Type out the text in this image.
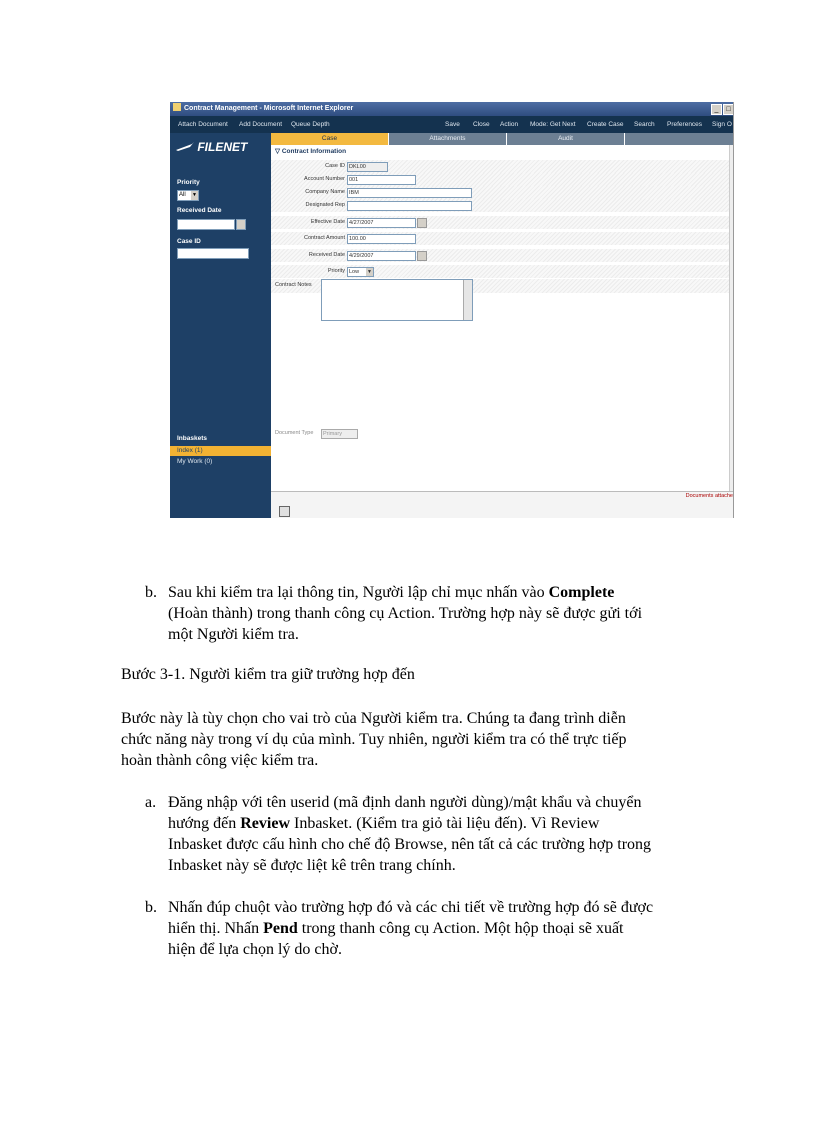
Contract Management - Microsoft Internet Explorer	_	□
Attach Document Add Document Queue Depth	Save Close Action Mode: Get Next Create Case Search Preferences Sign O
FILENET
Priority
All ▼
Received Date
Case ID
Inbaskets
Index (1)
My Work (0)
Case	Attachments	Audit
▽ Contract Information
Case ID DKL00
Account Number 001
Company Name IBM
Designated Rep
Effective Date 4/27/2007
Contract Amount 100.00
Received Date 4/29/2007
Priority Low ▼
Contract Notes
Document Type	Primary
Documents attache
b. Sau khi kiểm tra lại thông tin, Người lập chỉ mục nhấn vào Complete
(Hoàn thành) trong thanh công cụ Action. Trường hợp này sẽ được gửi tới
một Người kiểm tra.
Bước 3-1. Người kiểm tra giữ trường hợp đến
Bước này là tùy chọn cho vai trò của Người kiểm tra. Chúng ta đang trình diễn
chức năng này trong ví dụ của mình. Tuy nhiên, người kiểm tra có thể trực tiếp
hoàn thành công việc kiểm tra.
a. Đăng nhập với tên userid (mã định danh người dùng)/mật khẩu và chuyển
hướng đến Review Inbasket. (Kiểm tra giỏ tài liệu đến). Vì Review
Inbasket được cấu hình cho chế độ Browse, nên tất cả các trường hợp trong
Inbasket này sẽ được liệt kê trên trang chính.
b. Nhấn đúp chuột vào trường hợp đó và các chi tiết về trường hợp đó sẽ được
hiển thị. Nhấn Pend trong thanh công cụ Action. Một hộp thoại sẽ xuất
hiện để lựa chọn lý do chờ.
